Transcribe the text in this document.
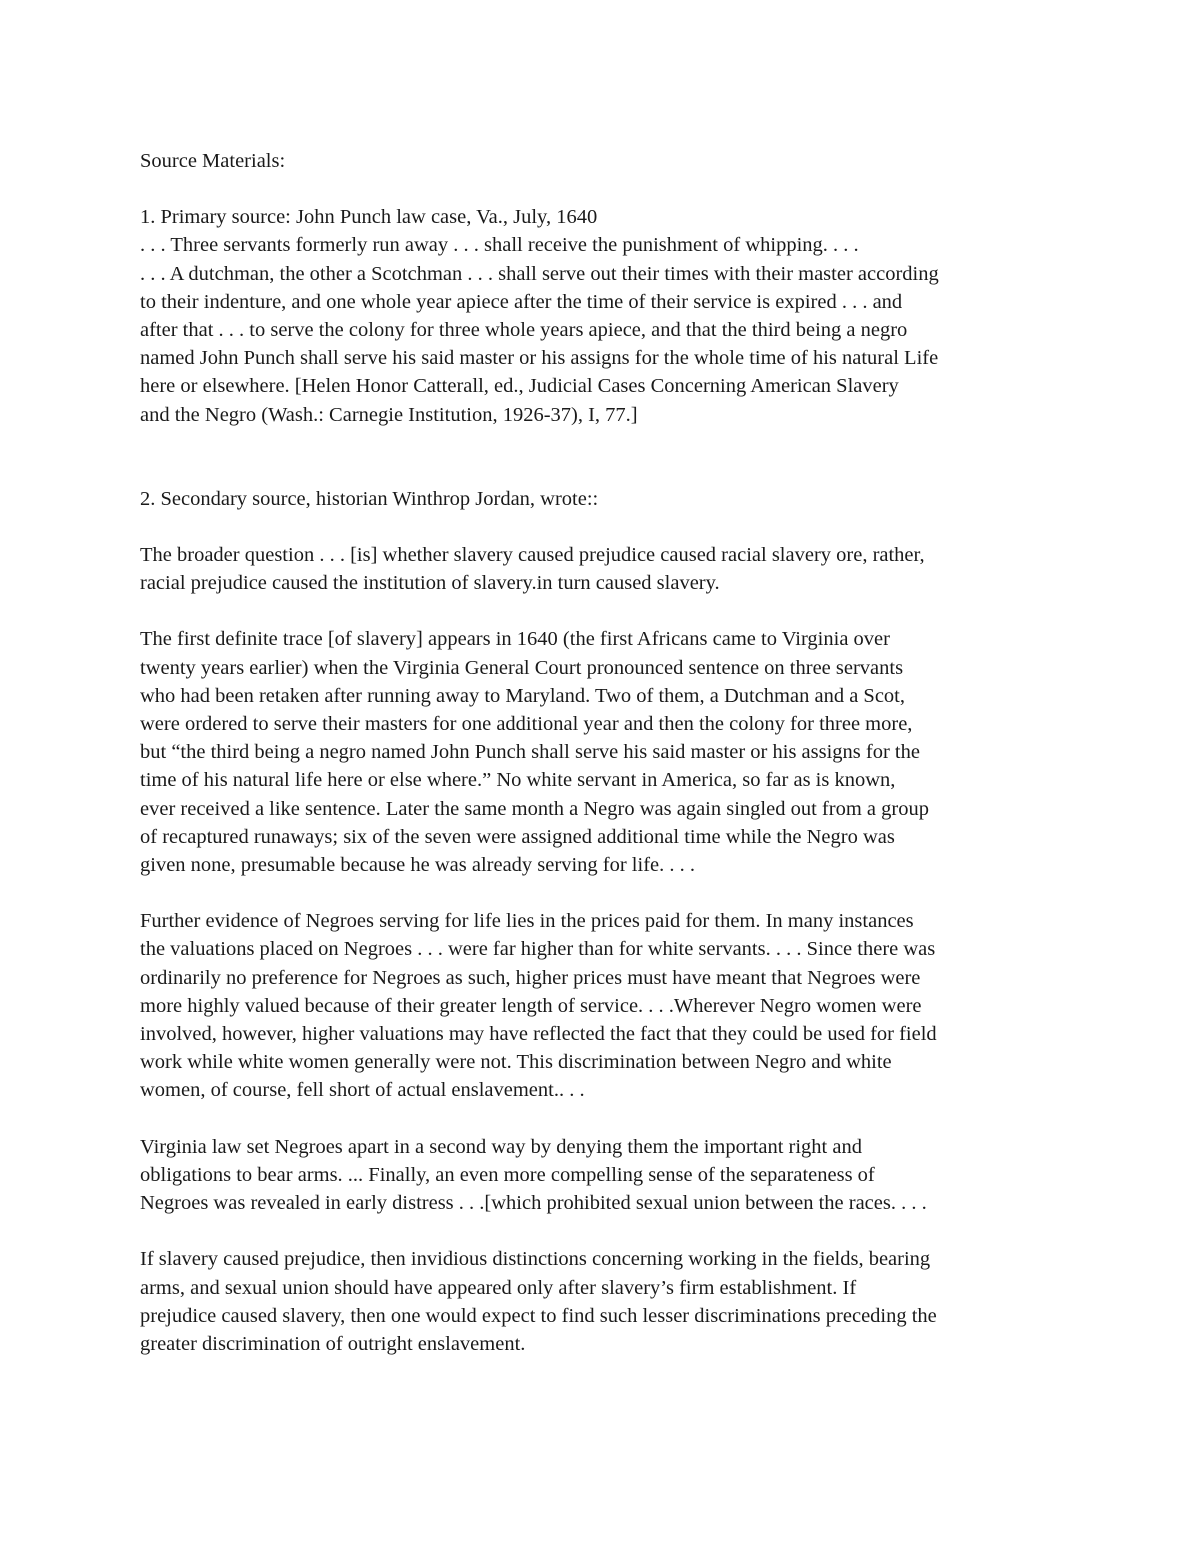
Source Materials:

1. Primary source: John Punch law case, Va., July, 1640
. . . Three servants formerly run away . . . shall receive the punishment of whipping. . . .
. . . A dutchman, the other a Scotchman . . . shall serve out their times with their master according
to their indenture, and one whole year apiece after the time of their service is expired . . . and
after that . . . to serve the colony for three whole years apiece, and that the third being a negro
named John Punch shall serve his said master or his assigns for the whole time of his natural Life
here or elsewhere. [Helen Honor Catterall, ed., Judicial Cases Concerning American Slavery
and the Negro (Wash.: Carnegie Institution, 1926-37), I, 77.]

2. Secondary source, historian Winthrop Jordan, wrote::

The broader question . . . [is] whether slavery caused prejudice caused racial slavery ore, rather,
racial prejudice caused the institution of slavery.in turn caused slavery.

The first definite trace [of slavery] appears in 1640 (the first Africans came to Virginia over
twenty years earlier) when the Virginia General Court pronounced sentence on three servants
who had been retaken after running away to Maryland. Two of them, a Dutchman and a Scot,
were ordered to serve their masters for one additional year and then the colony for three more,
but “the third being a negro named John Punch shall serve his said master or his assigns for the
time of his natural life here or else where.” No white servant in America, so far as is known,
ever received a like sentence. Later the same month a Negro was again singled out from a group
of recaptured runaways; six of the seven were assigned additional time while the Negro was
given none, presumable because he was already serving for life. . . .

Further evidence of Negroes serving for life lies in the prices paid for them. In many instances
the valuations placed on Negroes . . . were far higher than for white servants. . . . Since there was
ordinarily no preference for Negroes as such, higher prices must have meant that Negroes were
more highly valued because of their greater length of service. . . .Wherever Negro women were
involved, however, higher valuations may have reflected the fact that they could be used for field
work while white women generally were not. This discrimination between Negro and white
women, of course, fell short of actual enslavement.. . .

Virginia law set Negroes apart in a second way by denying them the important right and
obligations to bear arms. ... Finally, an even more compelling sense of the separateness of
Negroes was revealed in early distress . . .[which prohibited sexual union between the races. . . .

If slavery caused prejudice, then invidious distinctions concerning working in the fields, bearing
arms, and sexual union should have appeared only after slavery’s firm establishment. If
prejudice caused slavery, then one would expect to find such lesser discriminations preceding the
greater discrimination of outright enslavement.
